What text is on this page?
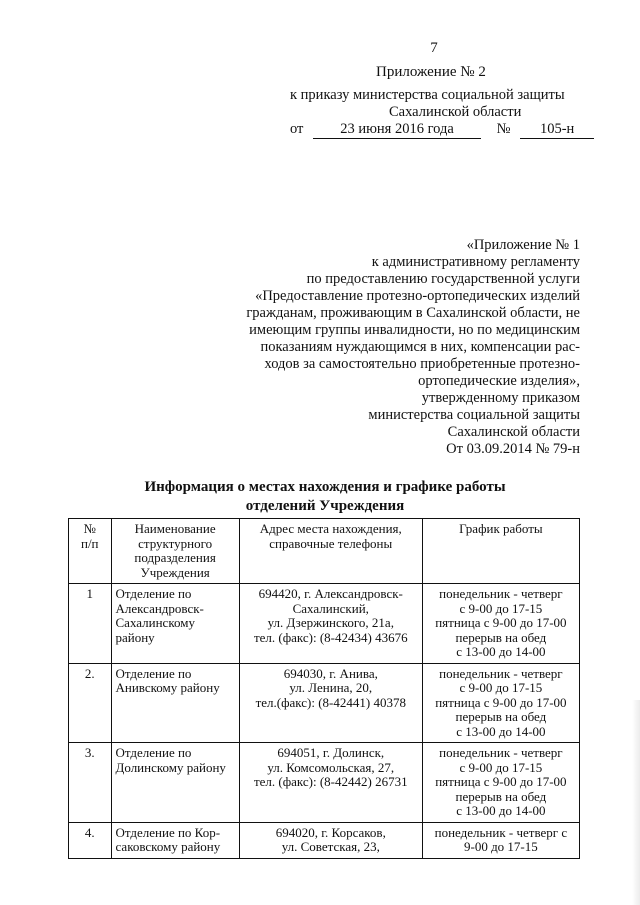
7
Приложение № 2
к приказу министерства социальной защиты
Сахалинской области
от	23 июня 2016 года	№ 105-н
«Приложение № 1
к административному регламенту
по предоставлению государственной услуги
«Предоставление протезно-ортопедических изделий
гражданам, проживающим в Сахалинской области, не
имеющим группы инвалидности, но по медицинским
показаниям нуждающимся в них, компенсации рас-
ходов за самостоятельно приобретенные протезно-
ортопедические изделия»,
утвержденному приказом
министерства социальной защиты
Сахалинской области
От 03.09.2014 № 79-н
Информация о местах нахождения и графике работы
отделений Учреждения
№
п/п	Наименование
структурного
подразделения
Учреждения	Адрес места нахождения,
справочные телефоны	График работы
1	Отделение по
Александровск-
Сахалинскому
району	694420, г. Александровск-
Сахалинский,
ул. Дзержинского, 21а,
тел. (факс): (8-42434) 43676	понедельник - четверг
с 9-00 до 17-15
пятница с 9-00 до 17-00
перерыв на обед
с 13-00 до 14-00
2.	Отделение по
Анивскому району	694030, г. Анива,
ул. Ленина, 20,
тел.(факс): (8-42441) 40378	понедельник - четверг
с 9-00 до 17-15
пятница с 9-00 до 17-00
перерыв на обед
с 13-00 до 14-00
3.	Отделение по
Долинскому району	694051, г. Долинск,
ул. Комсомольская, 27,
тел. (факс): (8-42442) 26731	понедельник - четверг
с 9-00 до 17-15
пятница с 9-00 до 17-00
перерыв на обед
с 13-00 до 14-00
4.	Отделение по Кор-
саковскому району	694020, г. Корсаков,
ул. Советская, 23,	понедельник - четверг с
9-00 до 17-15
